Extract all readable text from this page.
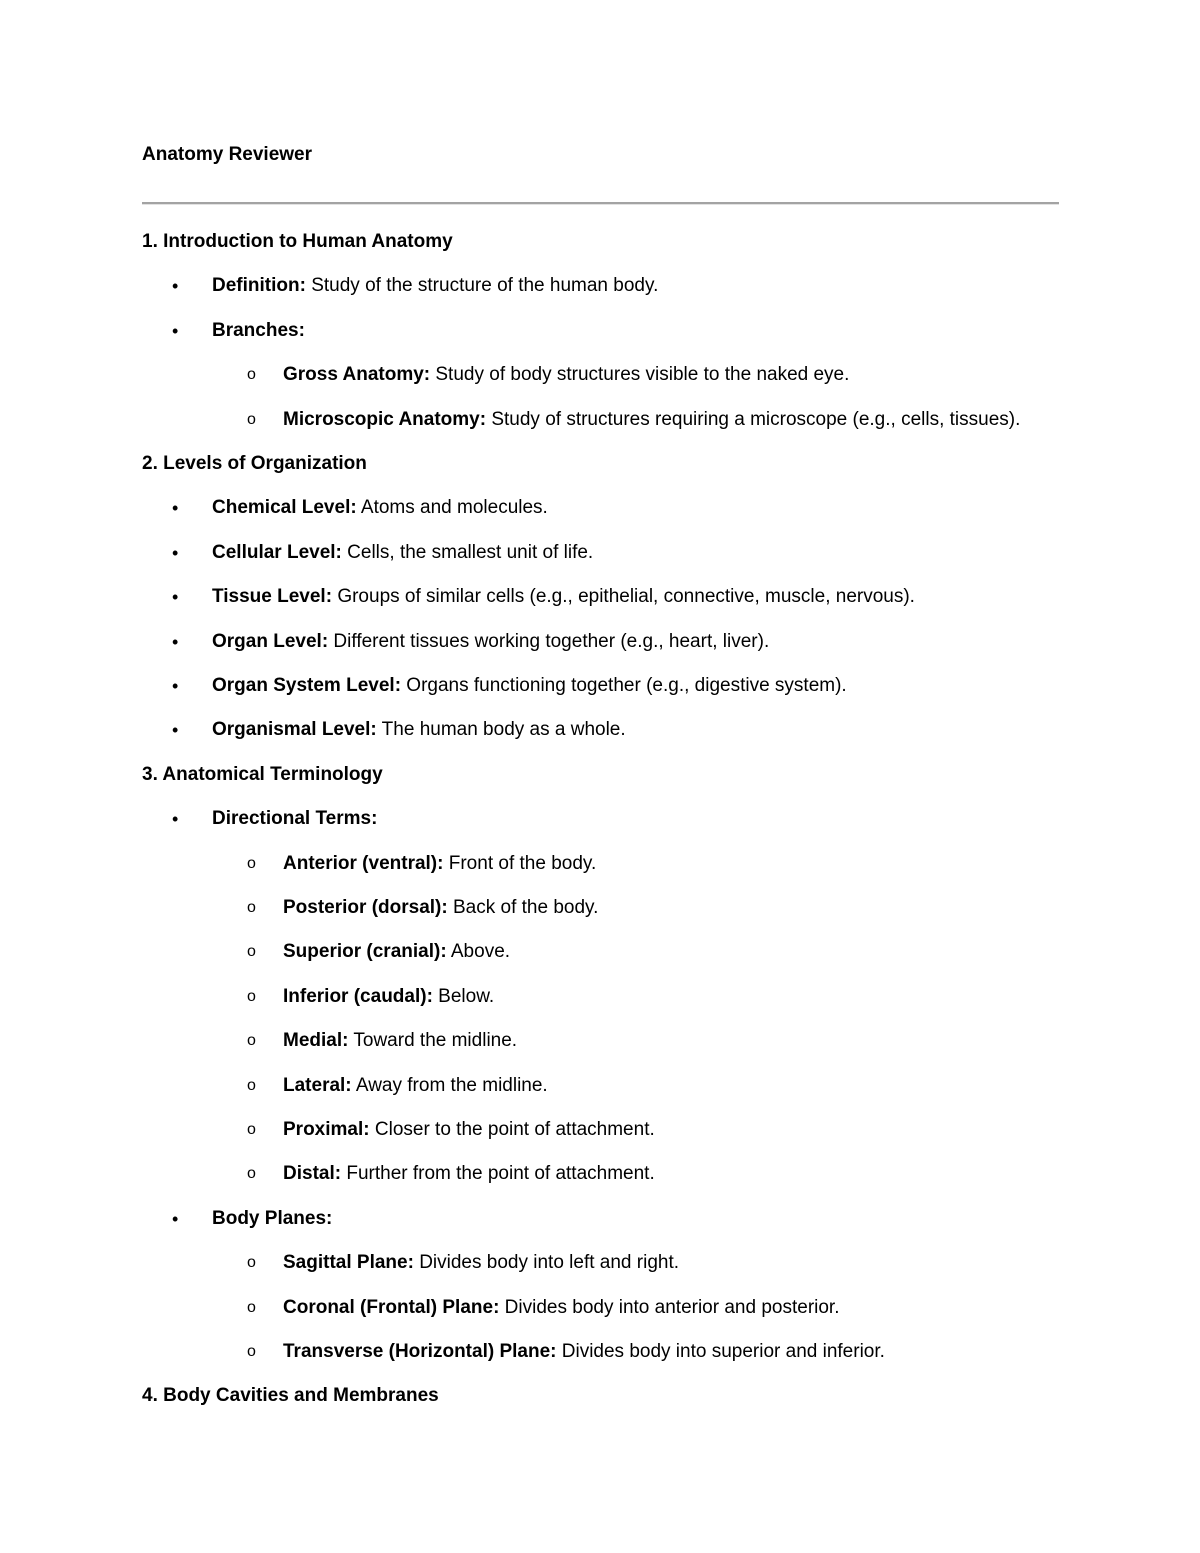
Anatomy Reviewer
1. Introduction to Human Anatomy
• Definition: Study of the structure of the human body.
• Branches:
o Gross Anatomy: Study of body structures visible to the naked eye.
o Microscopic Anatomy: Study of structures requiring a microscope (e.g., cells, tissues).
2. Levels of Organization
• Chemical Level: Atoms and molecules.
• Cellular Level: Cells, the smallest unit of life.
• Tissue Level: Groups of similar cells (e.g., epithelial, connective, muscle, nervous).
• Organ Level: Different tissues working together (e.g., heart, liver).
• Organ System Level: Organs functioning together (e.g., digestive system).
• Organismal Level: The human body as a whole.
3. Anatomical Terminology
• Directional Terms:
o Anterior (ventral): Front of the body.
o Posterior (dorsal): Back of the body.
o Superior (cranial): Above.
o Inferior (caudal): Below.
o Medial: Toward the midline.
o Lateral: Away from the midline.
o Proximal: Closer to the point of attachment.
o Distal: Further from the point of attachment.
• Body Planes:
o Sagittal Plane: Divides body into left and right.
o Coronal (Frontal) Plane: Divides body into anterior and posterior.
o Transverse (Horizontal) Plane: Divides body into superior and inferior.
4. Body Cavities and Membranes
